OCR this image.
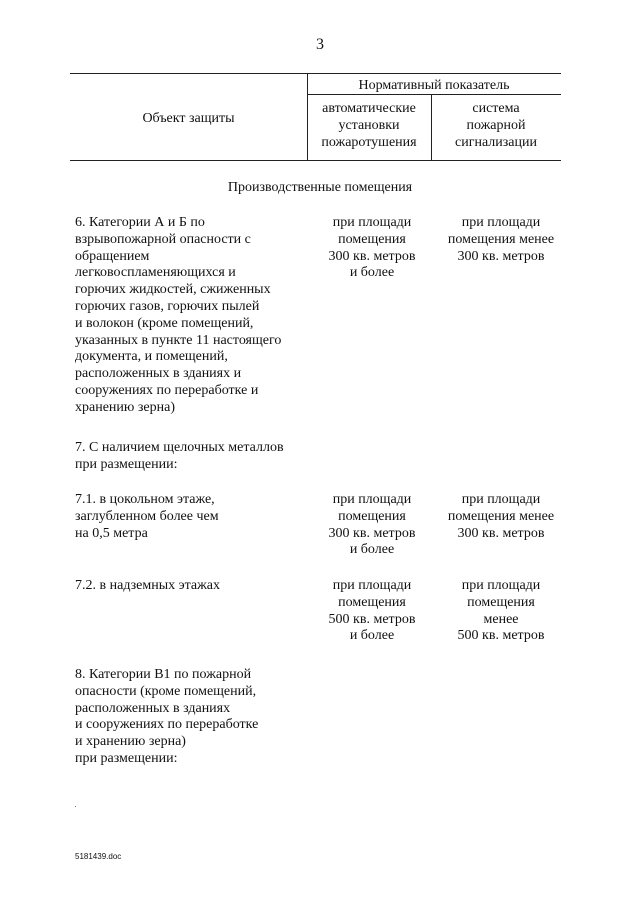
3
Объект защиты
Нормативный показатель
автоматические
установки
пожаротушения
система
пожарной
сигнализации
Производственные помещения
6. Категории А и Б по
взрывопожарной опасности с
обращением
легковоспламеняющихся и
горючих жидкостей, сжиженных
горючих газов, горючих пылей
и волокон (кроме помещений,
указанных в пункте 11 настоящего
документа, и помещений,
расположенных в зданиях и
сооружениях по переработке и
хранению зерна)
при площади
помещения
300 кв. метров
и более
при площади
помещения менее
300 кв. метров
7. С наличием щелочных металлов
при размещении:
7.1. в цокольном этаже,
заглубленном более чем
на 0,5 метра
при площади
помещения
300 кв. метров
и более
при площади
помещения менее
300 кв. метров
7.2. в надземных этажах	при площади
помещения
500 кв. метров
и более
при площади
помещения
менее
500 кв. метров
8. Категории В1 по пожарной
опасности (кроме помещений,
расположенных в зданиях
и сооружениях по переработке
и хранению зерна)
при размещении:
5181439.doc
